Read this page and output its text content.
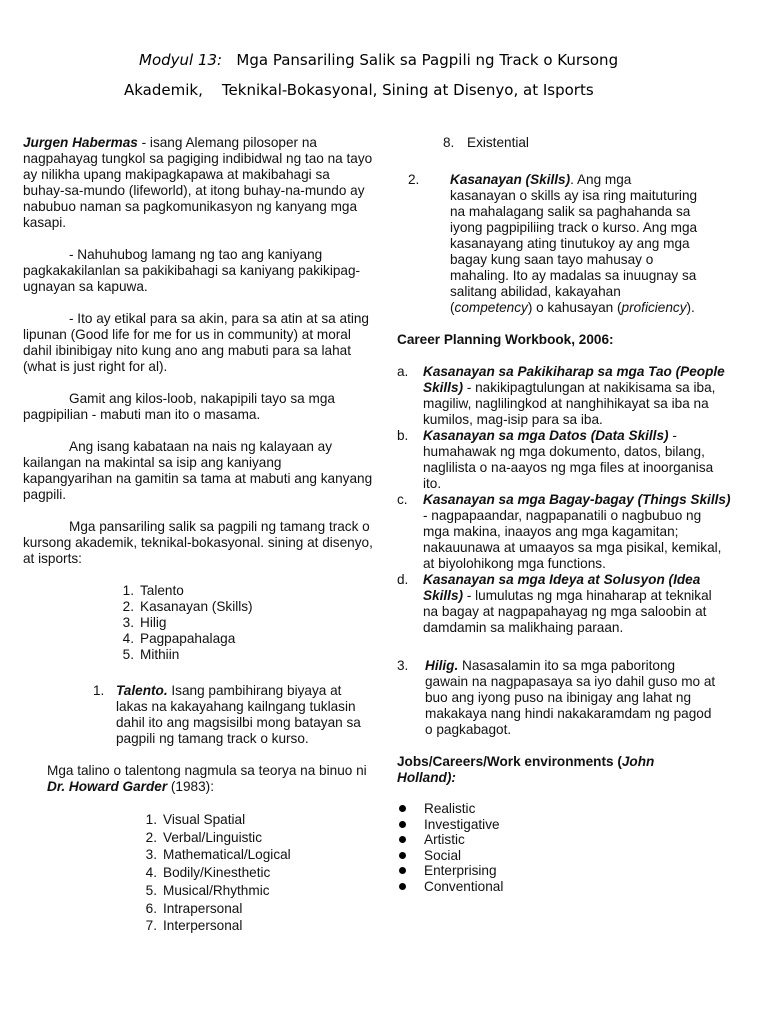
Modyul 13: Mga Pansariling Salik sa Pagpili ng Track o Kursong
Akademik,    Teknikal-Bokasyonal, Sining at Disenyo, at Isports

Jurgen Habermas - isang Alemang pilosoper na nagpahayag tungkol sa pagiging indibidwal ng tao na tayo ay nilikha upang makipagkapawa at makibahagi sa buhay-sa-mundo (lifeworld), at itong buhay-na-mundo ay nabubuo naman sa pagkomunikasyon ng kanyang mga kasapi.

- Nahuhubog lamang ng tao ang kaniyang pagkakakilanlan sa pakikibahagi sa kaniyang pakikipag-ugnayan sa kapuwa.

- Ito ay etikal para sa akin, para sa atin at sa ating lipunan (Good life for me for us in community) at moral dahil ibinibigay nito kung ano ang mabuti para sa lahat (what is just right for al).

Gamit ang kilos-loob, nakapipili tayo sa mga pagpipilian - mabuti man ito o masama.

Ang isang kabataan na nais ng kalayaan ay kailangan na makintal sa isip ang kaniyang kapangyarihan na gamitin sa tama at mabuti ang kanyang pagpili.

Mga pansariling salik sa pagpili ng tamang track o kursong akademik, teknikal-bokasyonal. sining at disenyo, at isports:

1. Talento
2. Kasanayan (Skills)
3. Hilig
4. Pagpapahalaga
5. Mithiin
1. Talento. Isang pambihirang biyaya at lakas na kakayahang kailngang tuklasin dahil ito ang magsisilbi mong batayan sa pagpili ng tamang track o kurso.

Mga talino o talentong nagmula sa teorya na binuo ni Dr. Howard Garder (1983):

1. Visual Spatial
2. Verbal/Linguistic
3. Mathematical/Logical
4. Bodily/Kinesthetic
5. Musical/Rhythmic
6. Intrapersonal
7. Interpersonal
8. Existential
2. Kasanayan (Skills). Ang mga kasanayan o skills ay isa ring maituturing na mahalagang salik sa paghahanda sa iyong pagpipiliing track o kurso. Ang mga kasanayang ating tinutukoy ay ang mga bagay kung saan tayo mahusay o mahaling. Ito ay madalas sa inuugnay sa salitang abilidad, kakayahan (competency) o kahusayan (proficiency).

Career Planning Workbook, 2006:

a. Kasanayan sa Pakikiharap sa mga Tao (People Skills) - nakikipagtulungan at nakikisama sa iba, magiliw, naglilingkod at nanghihikayat sa iba na kumilos, mag-isip para sa iba.
b. Kasanayan sa mga Datos (Data Skills) - humahawak ng mga dokumento, datos, bilang, naglilista o na-aayos ng mga files at inoorganisa ito.
c. Kasanayan sa mga Bagay-bagay (Things Skills) - nagpapaandar, nagpapanatili o nagbubuo ng mga makina, inaayos ang mga kagamitan; nakauunawa at umaayos sa mga pisikal, kemikal, at biyolohikong mga functions.
d. Kasanayan sa mga Ideya at Solusyon (Idea Skills) - lumulutas ng mga hinaharap at teknikal na bagay at nagpapahayag ng mga saloobin at damdamin sa malikhaing paraan.
3. Hilig. Nasasalamin ito sa mga paboritong gawain na nagpapasaya sa iyo dahil guso mo at buo ang iyong puso na ibinigay ang lahat ng makakaya nang hindi nakakaramdam ng pagod o pagkabagot.

Jobs/Careers/Work environments (John Holland):

Realistic
Investigative
Artistic
Social
Enterprising
Conventional
